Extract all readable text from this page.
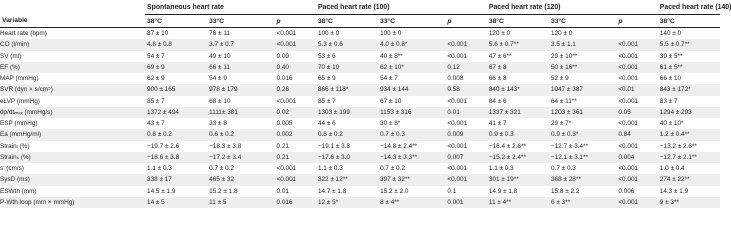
	Spontaneous heart rate			Paced heart rate (100)			Paced heart rate (120)			Paced heart rate (140)
Variable	38°C	33°C	p	38°C	33°C	p	38°C	33°C	p	38°C
Heart rate (bpm)	87 ± 10	76 ± 11	<0.001	100 ± 0	100 ± 0		120 ± 0	120 ± 0		140 ± 0
CO (l/min)	4.8 ± 0.8	3.7 ± 0.7	<0.001	5.3 ± 0.6	4.0 ± 0.8*	<0.001	5.6 ± 0.7**	3.5 ± 1.1	<0.001	5.5 ± 0.7**
SV (ml)	54 ± 7	49 ± 10	0.09	53 ± 6	40 ± 8**	<0.001	47 ± 6**	29 ± 10**	<0.001	39 ± 5**
EF (%)	69 ± 9	66 ± 11	0.40	70 ± 10	62 ± 10*	0.12	67 ± 8	50 ± 16**	<0.001	61 ± 5**
MAP (mmHg)	62 ± 9	54 ± 9	0.016	65 ± 9	54 ± 7	0.008	66 ± 8	52 ± 9	<0.001	66 ± 10
SVR (dyn × s/cm⁵)	900 ± 165	978 ± 179	0.26	866 ± 118*	934 ± 144	0.58	840 ± 143*	1047 ± 387	<0.01	843 ± 172*
eLVP (mmHg)	85 ± 7	68 ± 10	<0.001	85 ± 7	67 ± 10	<0.001	84 ± 6	64 ± 11**	<0.001	83 ± 7
dp/dtₘₐₓ (mmHg/s)	1372 ± 494	1111± 381	0.02	1303 ± 199	1153 ± 316	0.01	1337 ± 321	1203 ± 361	0.05	1294 ± 293
ESP (mmHg)	43 ± 7	33 ± 8	0.005	44 ± 6	30 ± 8*	<0.001	41 ± 7	29 ± 7*	<0.001	40 ± 10*
Ea (mmHg/ml)	0.8 ± 0.2	0.6 ± 0.2	0.002	0.8 ± 0.2	0.7 ± 0.3	0.009	0.9 ± 0.3	0.9 ± 0.3*	0.84	1.2 ± 0.4**
Strainₗ (%)	−19.7 ± 2.6	−18.3 ± 3.8	0.21	−19.1 ± 3.8	−14.8 ± 2.4**	<0.001	−16.4 ± 2.6**	−12.7 ± 3.4**	<0.001	−13.2 ± 2.6**
Strainₛ (%)	−18.6 ± 3.8	−17.2 ± 3.4	0.21	−17.6 ± 3.0	−14.3 ± 3.3**	0.007	−15.2 ± 2.4**	−12.1 ± 3.1**	0.004	−12.7 ± 2.1**
s' (cm/s)	1.1 ± 0.3	0.7 ± 0.2	<0.001	1.1 ± 0.3	0.7 ± 0.2	<0.001	1.1 ± 0.3	0.7 ± 0.3	<0.001	1.0 ± 0.4
SysD (ms)	338 ± 17	465 ± 32	<0.001	322 ± 12**	397 ± 32**	<0.001	301 ± 19**	368 ± 28**	<0.001	274 ± 22**
ESWth (mm)	14.5 ± 1.9	15.2 ± 1.8	0.01	14.7 ± 1.8	15.2 ± 2.0	0.1	14.9 ± 1.8	15.8 ± 2.2	0.006	14.3 ± 1.9
P-Wth loop (mm × mmHg)	14 ± 5	11 ± 5	0.016	12 ± 5*	8 ± 4**	0.001	11 ± 4**	6 ± 3**	<0.001	9 ± 3**
